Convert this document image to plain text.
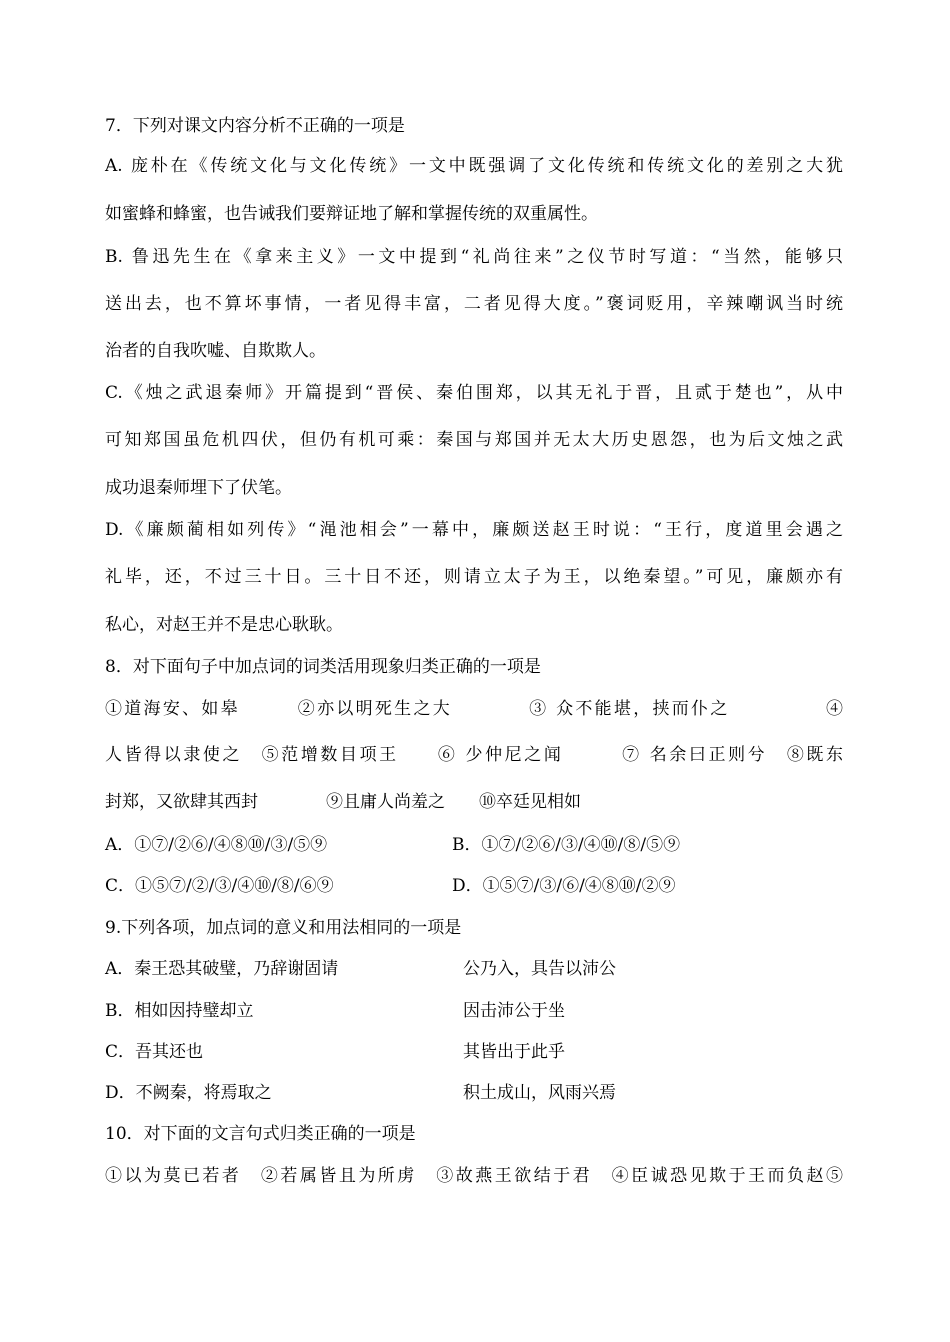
7．下列对课文内容分析不正确的一项是
A. 庞朴在《传统文化与文化传统》一文中既强调了文化传统和传统文化的差别之大犹
如蜜蜂和蜂蜜，也告诫我们要辩证地了解和掌握传统的双重属性。
B. 鲁迅先生在《拿来主义》一文中提到“礼尚往来”之仪节时写道：“当然，能够只
送出去，也不算坏事情，一者见得丰富，二者见得大度。”褒词贬用，辛辣嘲讽当时统
治者的自我吹嘘、自欺欺人。
C.《烛之武退秦师》开篇提到“晋侯、秦伯围郑，以其无礼于晋，且贰于楚也”，从中
可知郑国虽危机四伏，但仍有机可乘：秦国与郑国并无太大历史恩怨，也为后文烛之武
成功退秦师埋下了伏笔。
D.《廉颇蔺相如列传》“渑池相会”一幕中，廉颇送赵王时说：“王行，度道里会遇之
礼毕，还，不过三十日。三十日不还，则请立太子为王，以绝秦望。”可见，廉颇亦有
私心，对赵王并不是忠心耿耿。
8．对下面句子中加点词的词类活用现象归类正确的一项是
①道海安、如皋　　　②亦以明死生之大　　　　③ 众不能堪，挟而仆之　　　　　④
人皆得以隶使之　⑤范增数目项王　　⑥ 少仲尼之闻　　　⑦ 名余曰正则兮　⑧既东
封郑，又欲肆其西封　　　　⑨且庸人尚羞之　　⑩卒廷见相如
A．①⑦/②⑥/④⑧⑩/③/⑤⑨	B．①⑦/②⑥/③/④⑩/⑧/⑤⑨
C．①⑤⑦/②/③/④⑩/⑧/⑥⑨	D．①⑤⑦/③/⑥/④⑧⑩/②⑨
9.下列各项，加点词的意义和用法相同的一项是
A．秦王恐其破璧，乃辞谢固请	公乃入，具告以沛公
B．相如因持璧却立	因击沛公于坐
C．吾其还也	其皆出于此乎
D．不阙秦，将焉取之	积土成山，风雨兴焉
10．对下面的文言句式归类正确的一项是
①以为莫已若者　②若属皆且为所虏　③故燕王欲结于君　④臣诚恐见欺于王而负赵⑤
